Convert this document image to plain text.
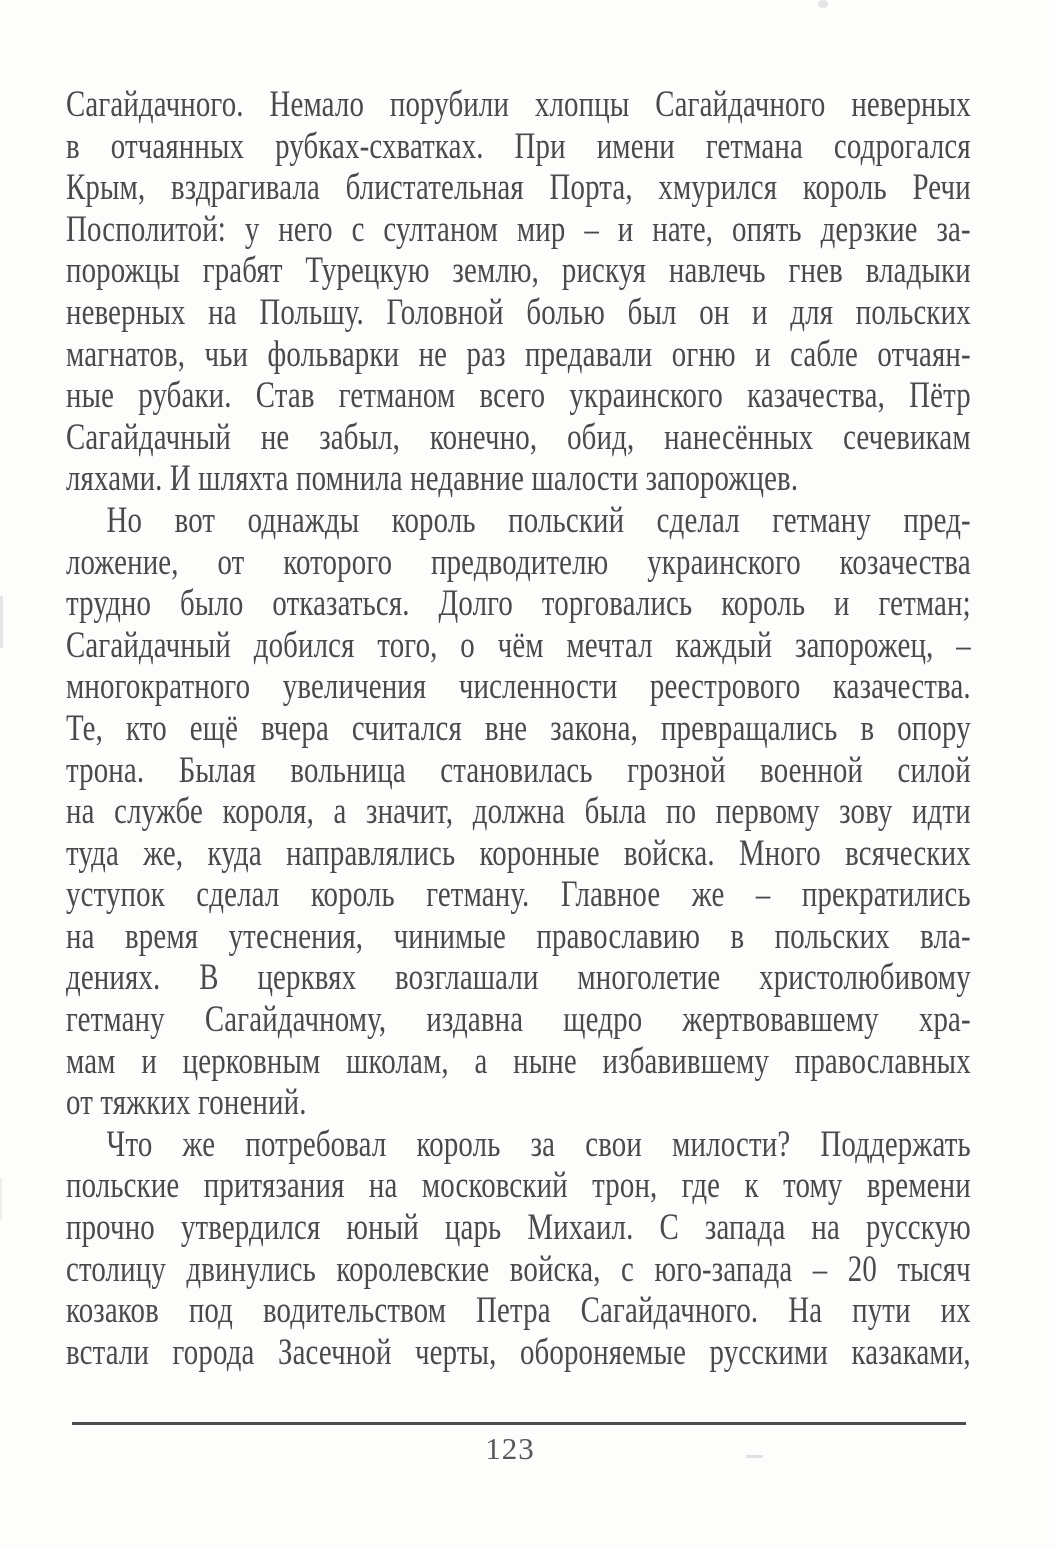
Сагайдачного. Немало порубили хлопцы Сагайдачного неверных
в отчаянных рубках-схватках. При имени гетмана содрогался
Крым, вздрагивала блистательная Порта, хмурился король Речи
Посполитой: у него с султаном мир – и нате, опять дерзкие за-
порожцы грабят Турецкую землю, рискуя навлечь гнев владыки
неверных на Польшу. Головной болью был он и для польских
магнатов, чьи фольварки не раз предавали огню и сабле отчаян-
ные рубаки. Став гетманом всего украинского казачества, Пётр
Сагайдачный не забыл, конечно, обид, нанесённых сечевикам
ляхами. И шляхта помнила недавние шалости запорожцев.
Но вот однажды король польский сделал гетману пред-
ложение, от которого предводителю украинского козачества
трудно было отказаться. Долго торговались король и гетман;
Сагайдачный добился того, о чём мечтал каждый запорожец, –
многократного увеличения численности реестрового казачества.
Те, кто ещё вчера считался вне закона, превращались в опору
трона. Былая вольница становилась грозной военной силой
на службе короля, а значит, должна была по первому зову идти
туда же, куда направлялись коронные войска. Много всяческих
уступок сделал король гетману. Главное же – прекратились
на время утеснения, чинимые православию в польских вла-
дениях. В церквях возглашали многолетие христолюбивому
гетману Сагайдачному, издавна щедро жертвовавшему хра-
мам и церковным школам, а ныне избавившему православных
от тяжких гонений.
Что же потребовал король за свои милости? Поддержать
польские притязания на московский трон, где к тому времени
прочно утвердился юный царь Михаил. С запада на русскую
столицу двинулись королевские войска, с юго-запада – 20 тысяч
козаков под водительством Петра Сагайдачного. На пути их
встали города Засечной черты, обороняемые русскими казаками,
123
